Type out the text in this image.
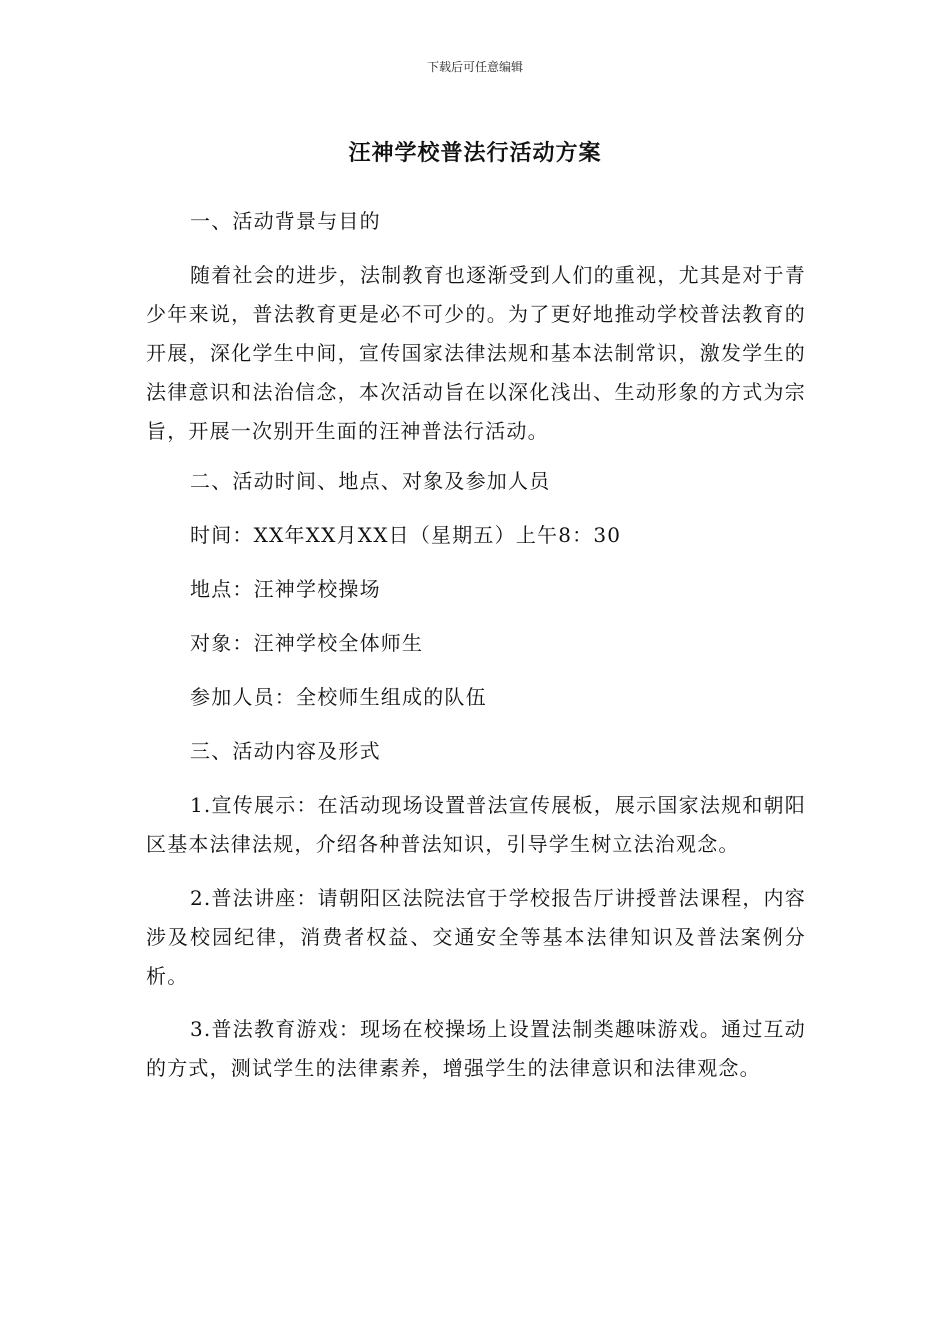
下载后可任意编辑
汪神学校普法行活动方案

一、活动背景与目的

随着社会的进步，法制教育也逐渐受到人们的重视，尤其是对于青少年来说，普法教育更是必不可少的。为了更好地推动学校普法教育的开展，深化学生中间，宣传国家法律法规和基本法制常识，激发学生的法律意识和法治信念，本次活动旨在以深化浅出、生动形象的方式为宗旨，开展一次别开生面的汪神普法行活动。

二、活动时间、地点、对象及参加人员

时间：XX年XX月XX日（星期五）上午8：30

地点：汪神学校操场

对象：汪神学校全体师生

参加人员：全校师生组成的队伍

三、活动内容及形式

1.宣传展示：在活动现场设置普法宣传展板，展示国家法规和朝阳区基本法律法规，介绍各种普法知识，引导学生树立法治观念。

2.普法讲座：请朝阳区法院法官于学校报告厅讲授普法课程，内容涉及校园纪律，消费者权益、交通安全等基本法律知识及普法案例分析。

3.普法教育游戏：现场在校操场上设置法制类趣味游戏。通过互动的方式，测试学生的法律素养，增强学生的法律意识和法律观念。
